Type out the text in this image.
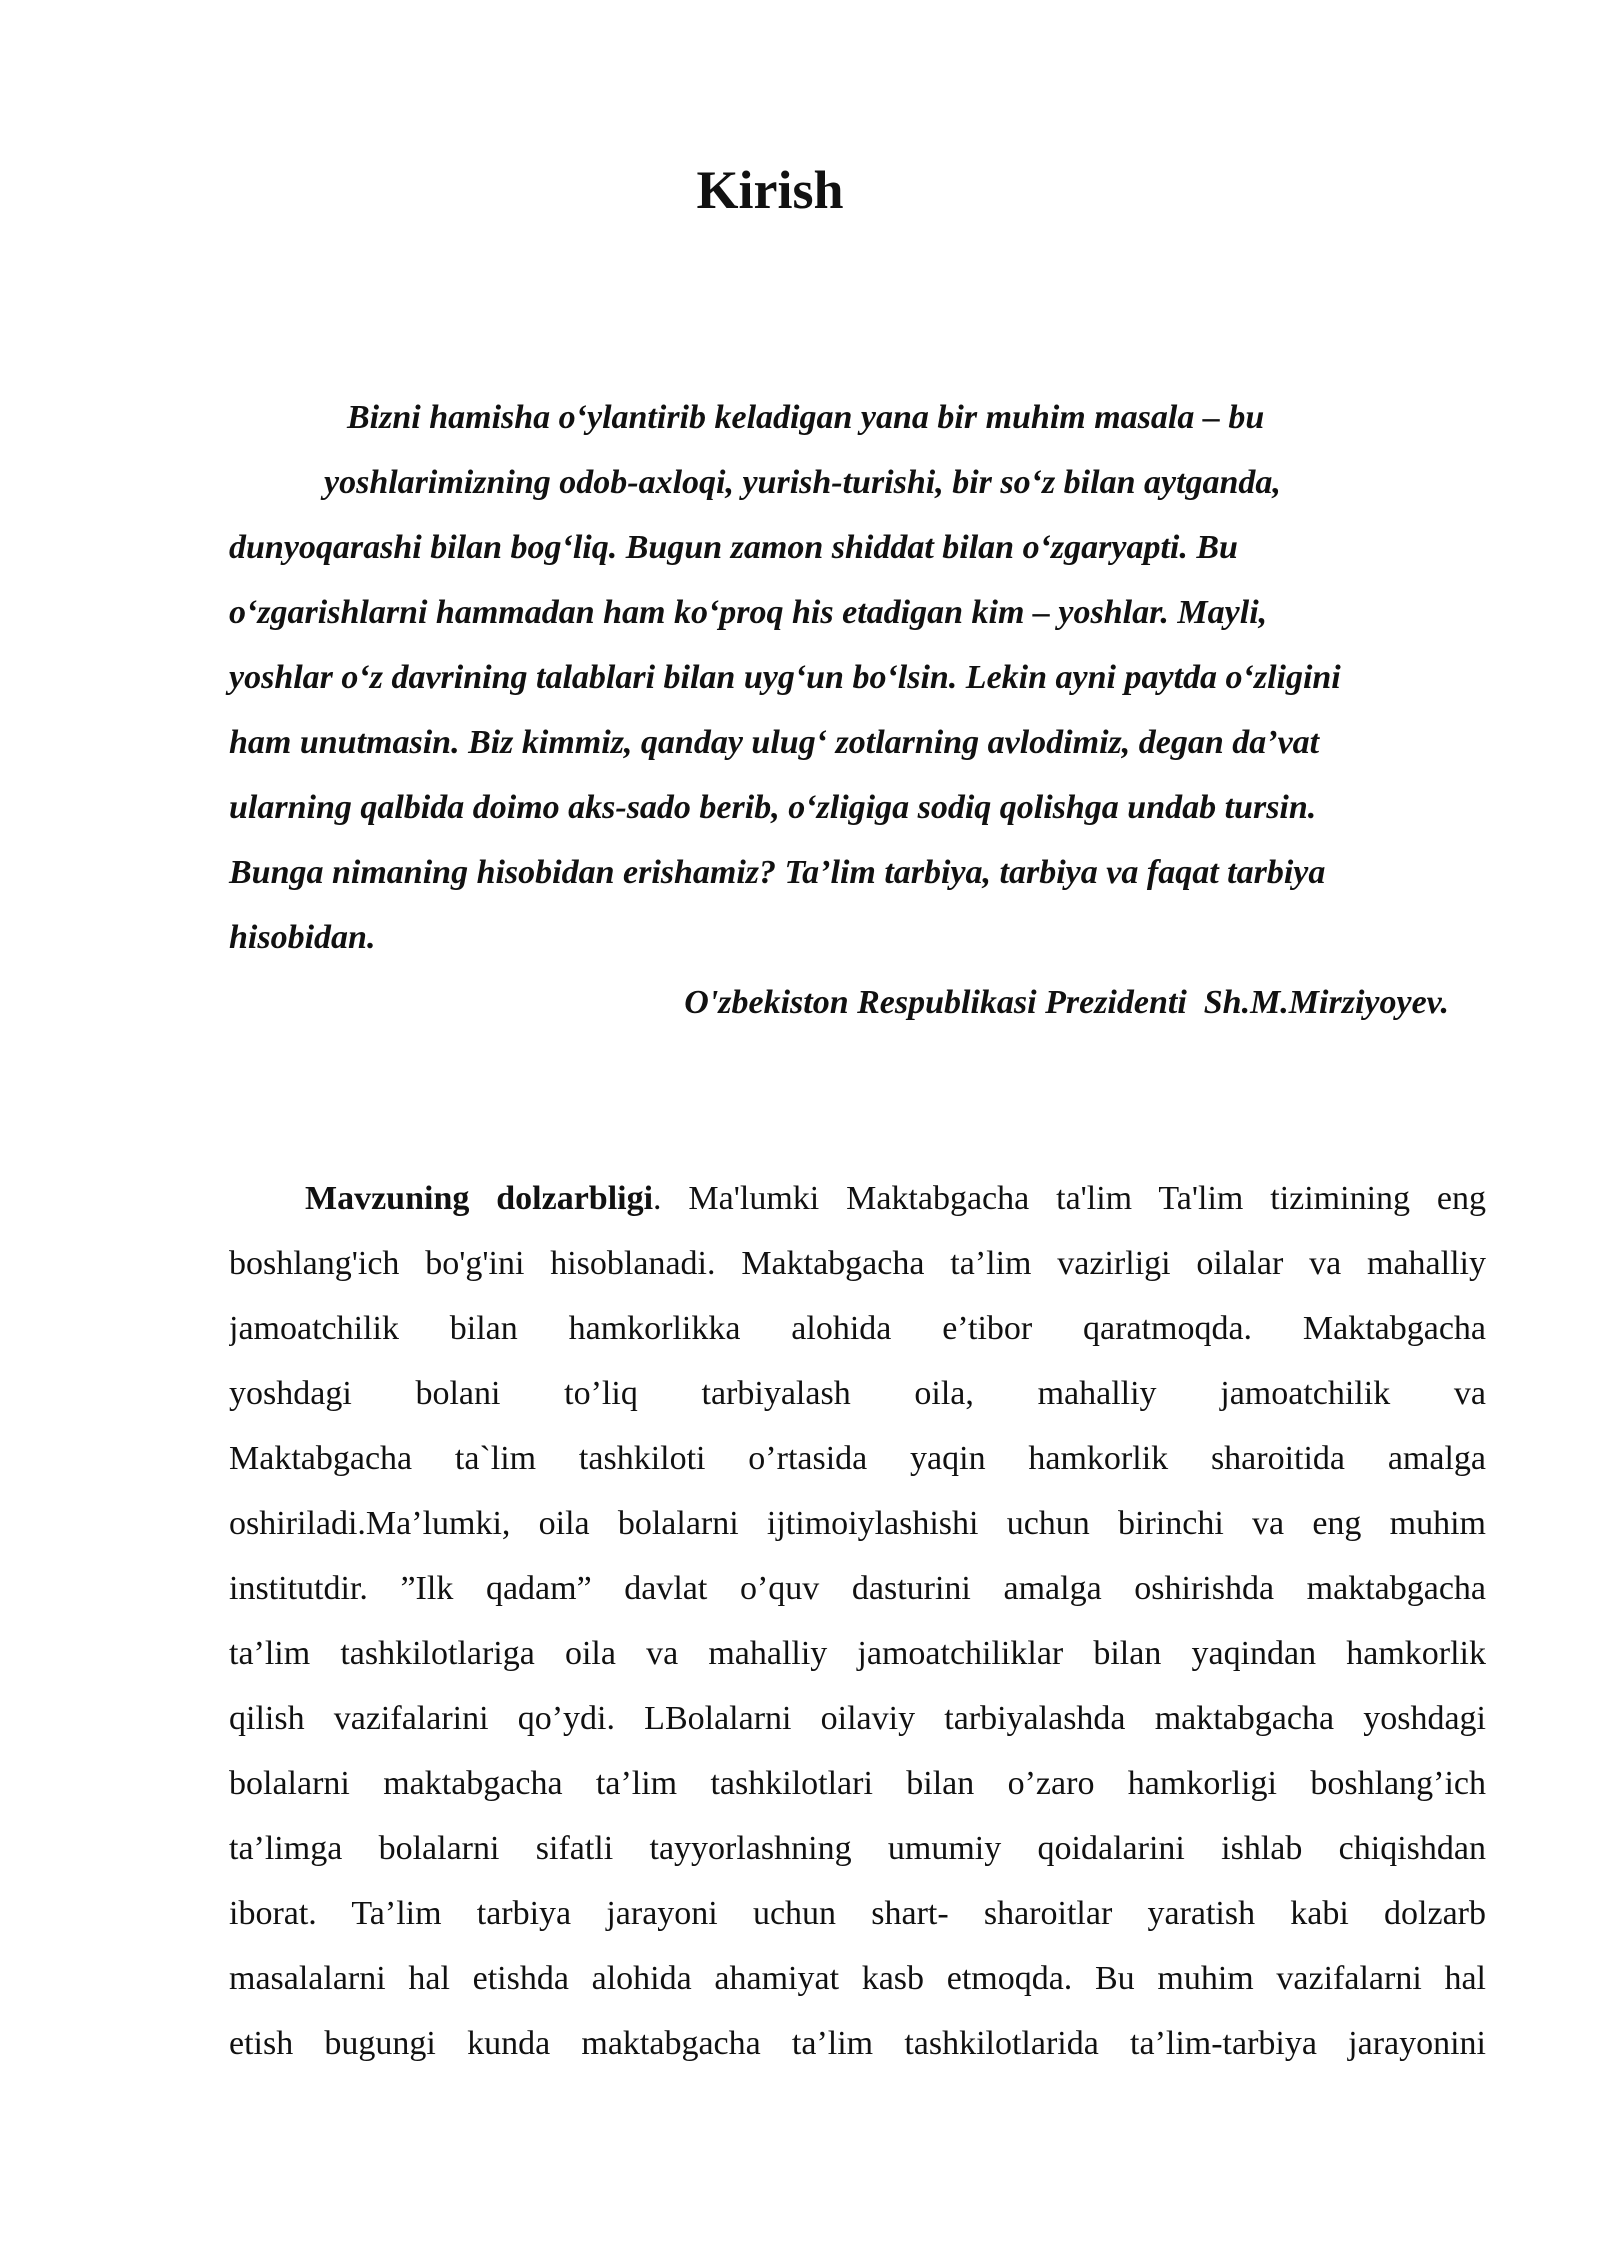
Kirish
Bizni hamisha o‘ylantirib keladigan yana bir muhim masala – bu
yoshlarimizning odob-axloqi, yurish-turishi, bir so‘z bilan aytganda,
dunyoqarashi bilan bog‘liq. Bugun zamon shiddat bilan o‘zgaryapti. Bu
o‘zgarishlarni hammadan ham ko‘proq his etadigan kim – yoshlar. Mayli,
yoshlar o‘z davrining talablari bilan uyg‘un bo‘lsin. Lekin ayni paytda o‘zligini
ham unutmasin. Biz kimmiz, qanday ulug‘ zotlarning avlodimiz, degan da’vat
ularning qalbida doimo aks-sado berib, o‘zligiga sodiq qolishga undab tursin.
Bunga nimaning hisobidan erishamiz? Ta’lim tarbiya, tarbiya va faqat tarbiya
hisobidan.
O'zbekiston Respublikasi Prezidenti  Sh.M.Mirziyoyev.
Mavzuning dolzarbligi. Ma'lumki Maktabgacha ta'lim Ta'lim tizimining eng
boshlang'ich bo'g'ini hisoblanadi. Maktabgacha ta’lim vazirligi oilalar va mahalliy
jamoatchilik bilan hamkorlikka alohida e’tibor qaratmoqda. Maktabgacha
yoshdagi bolani to’liq tarbiyalash oila, mahalliy jamoatchilik va
Maktabgacha ta`lim tashkiloti o’rtasida yaqin hamkorlik sharoitida amalga
oshiriladi.Ma’lumki, oila bolalarni ijtimoiylashishi uchun birinchi va eng muhim
institutdir. ”Ilk qadam” davlat o’quv dasturini amalga oshirishda maktabgacha
ta’lim tashkilotlariga oila va mahalliy jamoatchiliklar bilan yaqindan hamkorlik
qilish vazifalarini qo’ydi. LBolalarni oilaviy tarbiyalashda maktabgacha yoshdagi
bolalarni maktabgacha ta’lim tashkilotlari bilan o’zaro hamkorligi boshlang’ich
ta’limga bolalarni sifatli tayyorlashning umumiy qoidalarini ishlab chiqishdan
iborat. Ta’lim tarbiya jarayoni uchun shart- sharoitlar yaratish kabi dolzarb
masalalarni hal etishda alohida ahamiyat kasb etmoqda. Bu muhim vazifalarni hal
etish bugungi kunda maktabgacha ta’lim tashkilotlarida ta’lim-tarbiya jarayonini
